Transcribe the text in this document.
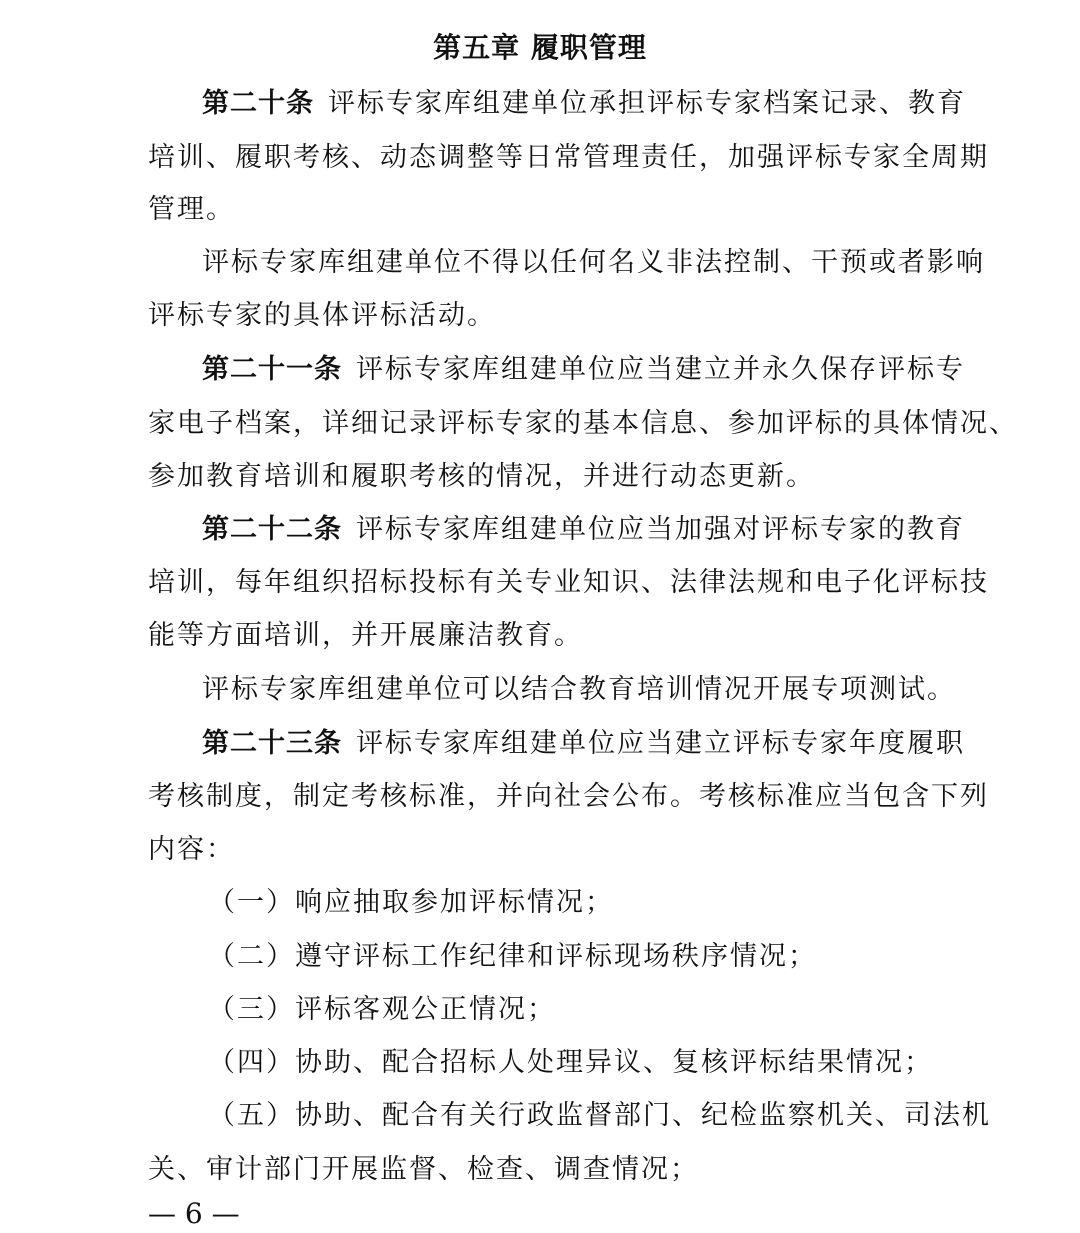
第五章 履职管理
第二十条 评标专家库组建单位承担评标专家档案记录、教育
培训、履职考核、动态调整等日常管理责任，加强评标专家全周期
管理。
评标专家库组建单位不得以任何名义非法控制、干预或者影响
评标专家的具体评标活动。
第二十一条 评标专家库组建单位应当建立并永久保存评标专
家电子档案，详细记录评标专家的基本信息、参加评标的具体情况、
参加教育培训和履职考核的情况，并进行动态更新。
第二十二条 评标专家库组建单位应当加强对评标专家的教育
培训，每年组织招标投标有关专业知识、法律法规和电子化评标技
能等方面培训，并开展廉洁教育。
评标专家库组建单位可以结合教育培训情况开展专项测试。
第二十三条 评标专家库组建单位应当建立评标专家年度履职
考核制度，制定考核标准，并向社会公布。考核标准应当包含下列
内容：
（一）响应抽取参加评标情况；
（二）遵守评标工作纪律和评标现场秩序情况；
（三）评标客观公正情况；
（四）协助、配合招标人处理异议、复核评标结果情况；
（五）协助、配合有关行政监督部门、纪检监察机关、司法机
关、审计部门开展监督、检查、调查情况；
— 6 —
